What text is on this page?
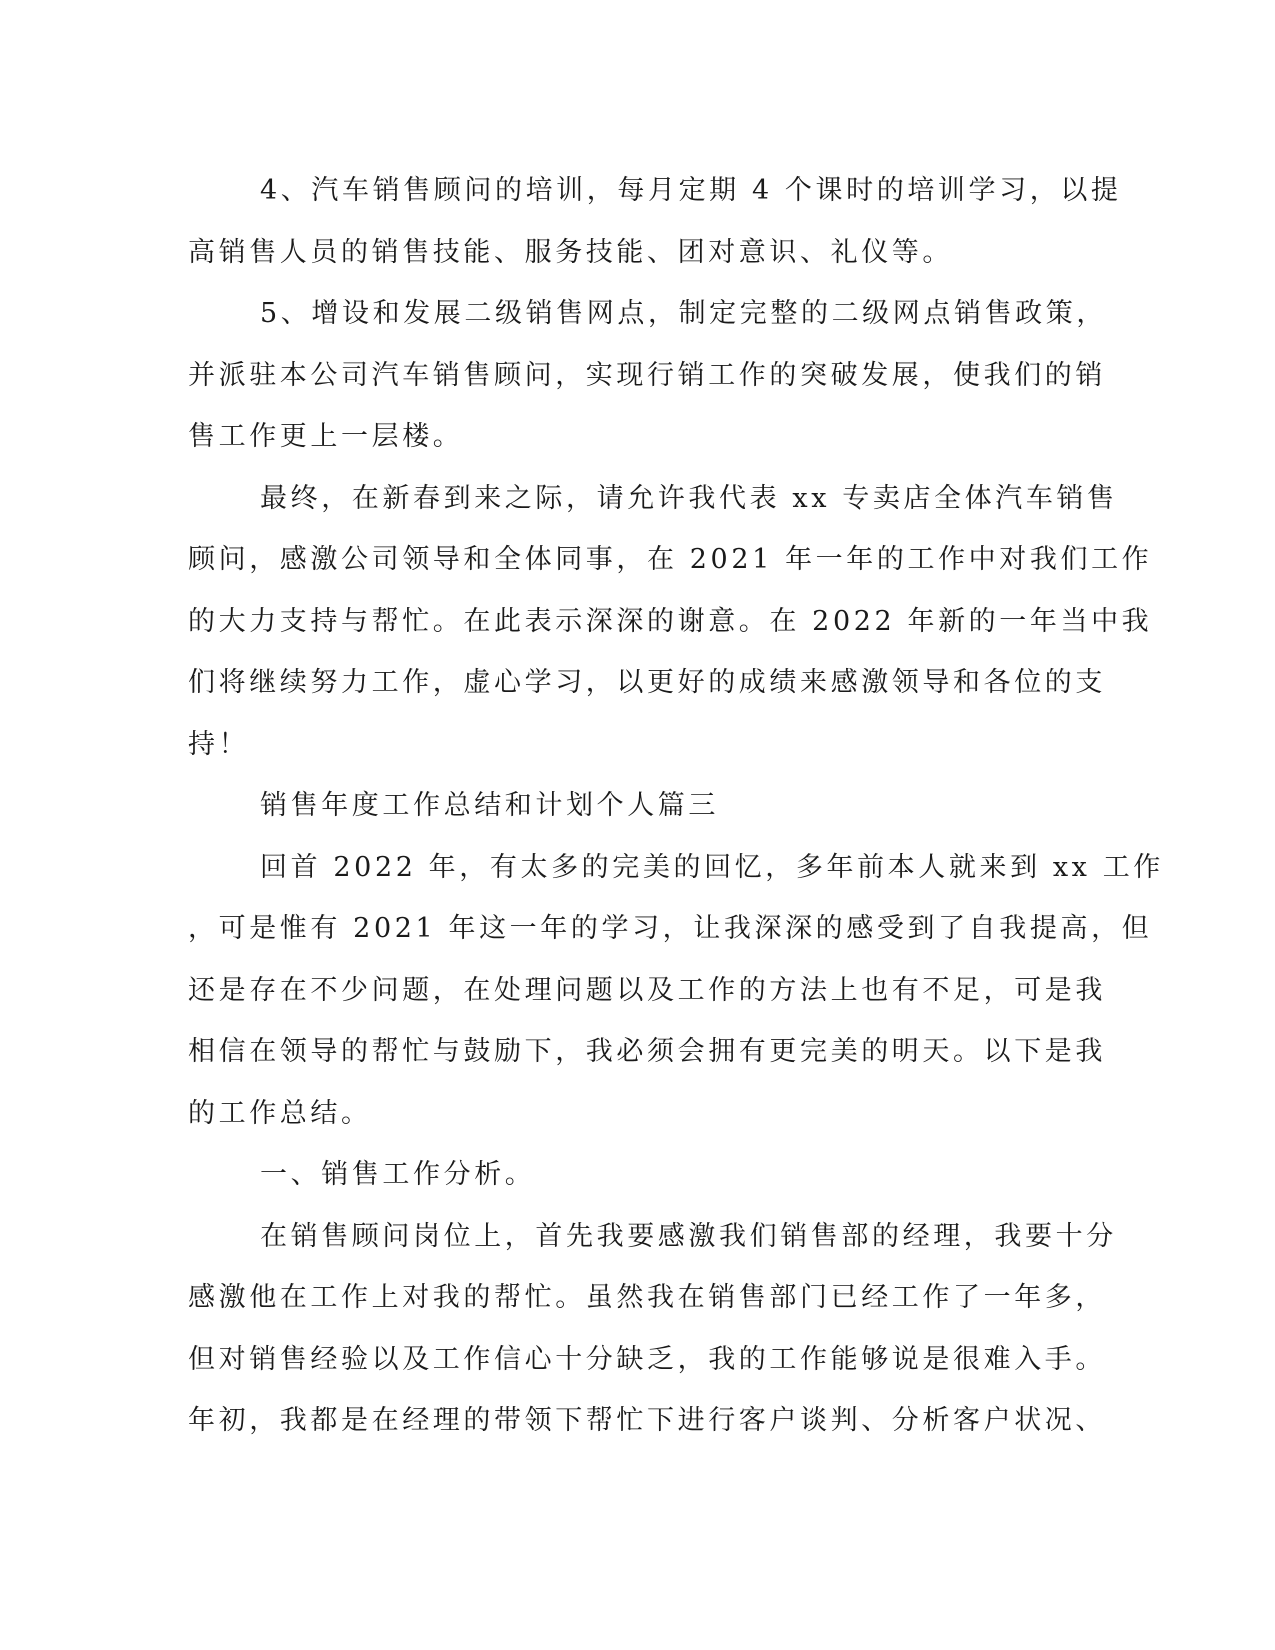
4、汽车销售顾问的培训，每月定期 4 个课时的培训学习，以提
高销售人员的销售技能、服务技能、团对意识、礼仪等。
5、增设和发展二级销售网点，制定完整的二级网点销售政策，
并派驻本公司汽车销售顾问，实现行销工作的突破发展，使我们的销
售工作更上一层楼。
最终，在新春到来之际，请允许我代表 xx 专卖店全体汽车销售
顾问，感激公司领导和全体同事，在 2021 年一年的工作中对我们工作
的大力支持与帮忙。在此表示深深的谢意。在 2022 年新的一年当中我
们将继续努力工作，虚心学习，以更好的成绩来感激领导和各位的支
持！
销售年度工作总结和计划个人篇三
回首 2022 年，有太多的完美的回忆，多年前本人就来到 xx 工作
，可是惟有 2021 年这一年的学习，让我深深的感受到了自我提高，但
还是存在不少问题，在处理问题以及工作的方法上也有不足，可是我
相信在领导的帮忙与鼓励下，我必须会拥有更完美的明天。以下是我
的工作总结。
一、销售工作分析。
在销售顾问岗位上，首先我要感激我们销售部的经理，我要十分
感激他在工作上对我的帮忙。虽然我在销售部门已经工作了一年多，
但对销售经验以及工作信心十分缺乏，我的工作能够说是很难入手。
年初，我都是在经理的带领下帮忙下进行客户谈判、分析客户状况、
